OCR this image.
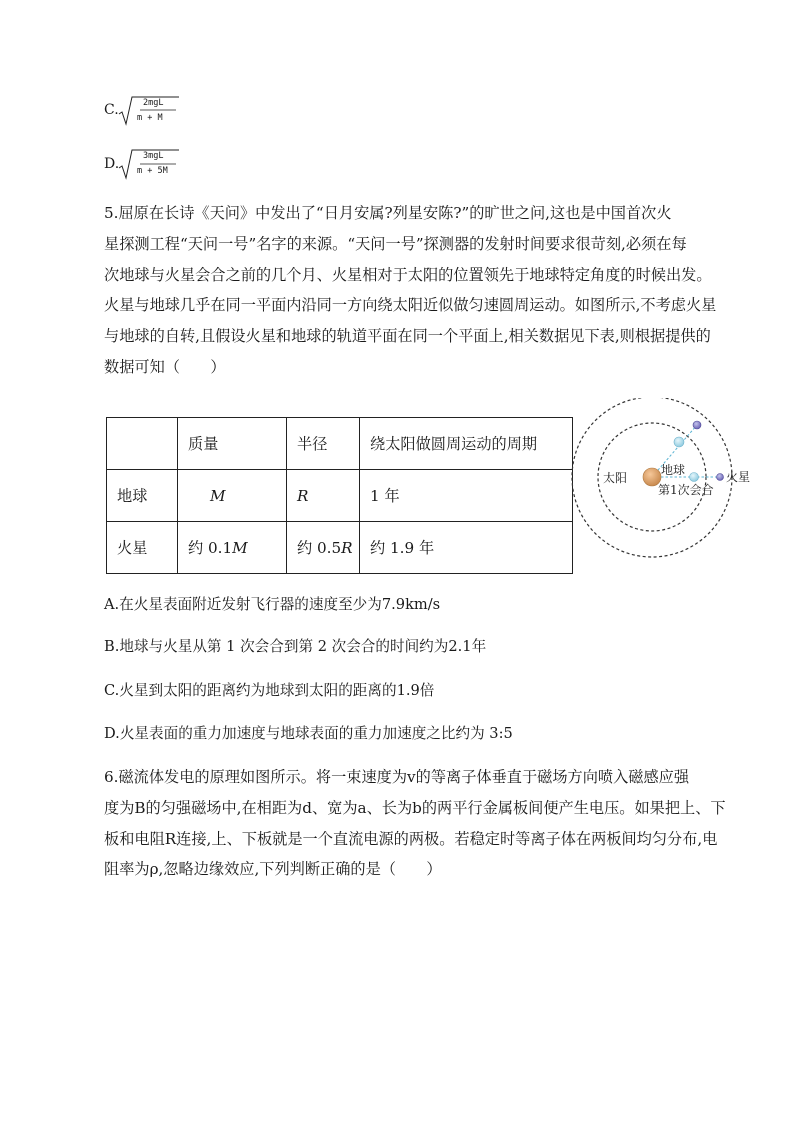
C.	2mgL
m + M
D.	3mgL
m + 5M

5.屈原在长诗《天问》中发出了“日月安属?列星安陈?”的旷世之问,这也是中国首次火

星探测工程“天问一号”名字的来源。“天问一号”探测器的发射时间要求很苛刻,必须在每

次地球与火星会合之前的几个月、火星相对于太阳的位置领先于地球特定角度的时候出发。

火星与地球几乎在同一平面内沿同一方向绕太阳近似做匀速圆周运动。如图所示,不考虑火星

与地球的自转,且假设火星和地球的轨道平面在同一个平面上,相关数据见下表,则根据提供的

数据可知（　　）

	质量	半径	绕太阳做圆周运动的周期
地球	M	R	1 年
火星	约 0.1M	约 0.5R	约 1.9 年
太阳
地球	火星
第1次会合
A.在火星表面附近发射飞行器的速度至少为7.9km/s
B.地球与火星从第 1 次会合到第 2 次会合的时间约为2.1年
C.火星到太阳的距离约为地球到太阳的距离的1.9倍
D.火星表面的重力加速度与地球表面的重力加速度之比约为 3:5

6.磁流体发电的原理如图所示。将一束速度为v的等离子体垂直于磁场方向喷入磁感应强

度为B的匀强磁场中,在相距为d、宽为a、长为b的两平行金属板间便产生电压。如果把上、下

板和电阻R连接,上、下板就是一个直流电源的两极。若稳定时等离子体在两板间均匀分布,电

阻率为ρ,忽略边缘效应,下列判断正确的是（　　）
